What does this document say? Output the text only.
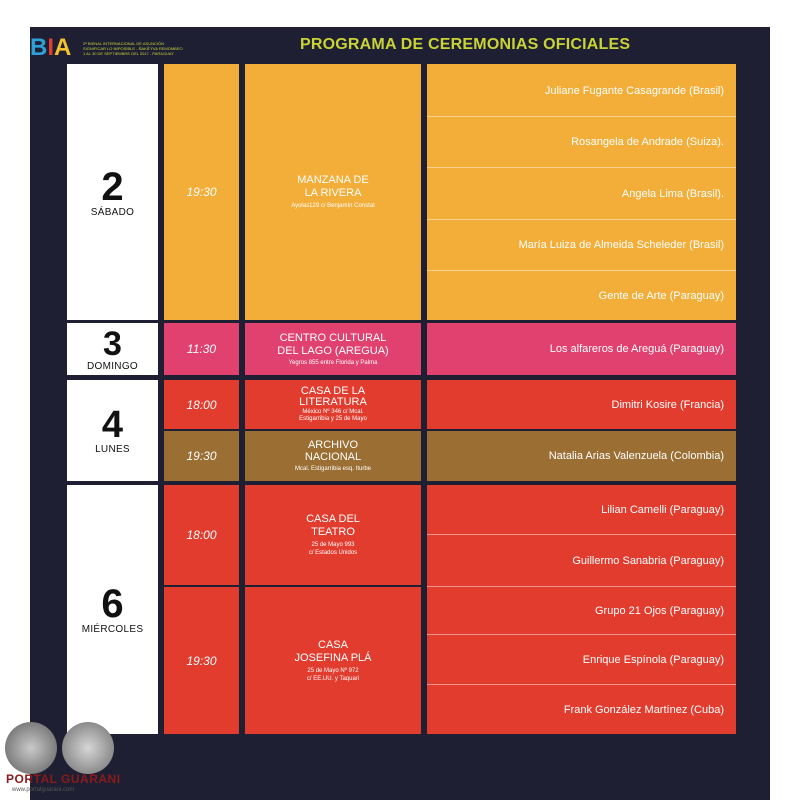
BIA	2ª BIENAL INTERNACIONAL DE ASUNCIÓN
SIGNIFICAR LO IMPOSIBLE - ÑAKÃ'ÝVA REMOMBEO
1 AL 30 DE SEPTIEMBRE DEL 2017 - PARAGUAY
PROGRAMA DE CEREMONIAS OFICIALES
2
SÁBADO
3
DOMINGO
4
LUNES
6
MIÉRCOLES
19:30
11:30
18:00
19:30
18:00
19:30
MANZANA DE
LA RIVERA
Ayolas129 c/ Benjamín Constat
CENTRO CULTURAL
DEL LAGO (AREGUA)
Yegros 855 entre Florida y Palma
CASA DE LA
LITERATURA
México Nº 346 c/ Mcal.
Estigarribia y 25 de Mayo
ARCHIVO
NACIONAL
Mcal. Estigarribia esq. Iturbe
CASA DEL
TEATRO
25 de Mayo 993
c/ Estados Unidos
CASA
JOSEFINA PLÁ
25 de Mayo Nº 972
c/ EE.UU. y Taquari
Juliane Fugante Casagrande (Brasil)
Rosangela de Andrade (Suiza).
Angela Lima (Brasil).
María Luiza de Almeida Scheleder (Brasil)
Gente de Arte (Paraguay)
Los alfareros de Areguá (Paraguay)
Dimitri Kosire (Francia)
Natalia Arias Valenzuela (Colombia)
Lilian Camelli (Paraguay)
Guillermo Sanabria (Paraguay)
Grupo 21 Ojos (Paraguay)
Enrique Espínola (Paraguay)
Frank González Martínez (Cuba)
PORTAL GUARANI
www.portalguarani.com
